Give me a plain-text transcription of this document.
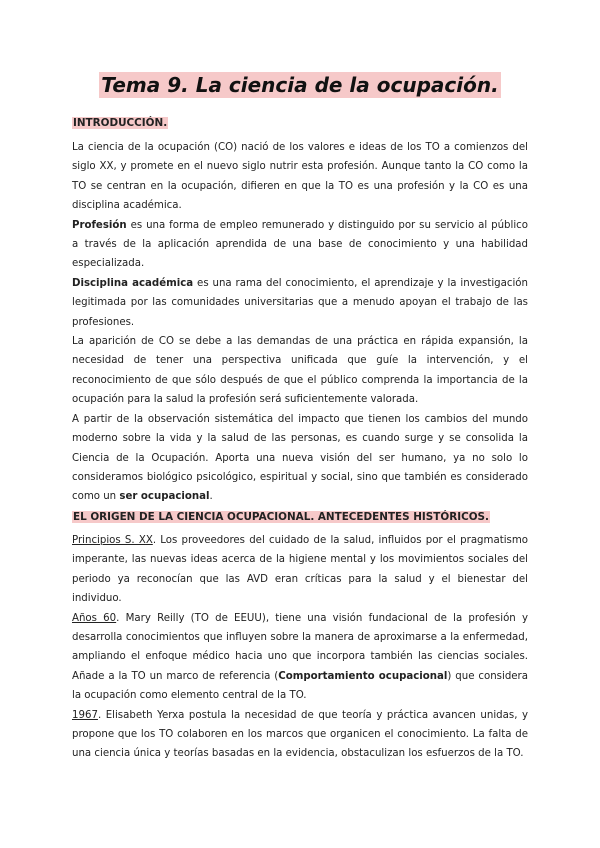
Tema 9. La ciencia de la ocupación.
INTRODUCCIÓN.

La ciencia de la ocupación (CO) nació de los valores e ideas de los TO a comienzos del siglo XX, y promete en el nuevo siglo nutrir esta profesión. Aunque tanto la CO como la TO se centran en la ocupación, difieren en que la TO es una profesión y la CO es una disciplina académica.

Profesión es una forma de empleo remunerado y distinguido por su servicio al público a través de la aplicación aprendida de una base de conocimiento y una habilidad especializada.

Disciplina académica es una rama del conocimiento, el aprendizaje y la investigación legitimada por las comunidades universitarias que a menudo apoyan el trabajo de las profesiones.

La aparición de CO se debe a las demandas de una práctica en rápida expansión, la necesidad de tener una perspectiva unificada que guíe la intervención, y el reconocimiento de que sólo después de que el público comprenda la importancia de la ocupación para la salud la profesión será suficientemente valorada.

A partir de la observación sistemática del impacto que tienen los cambios del mundo moderno sobre la vida y la salud de las personas, es cuando surge y se consolida la Ciencia de la Ocupación. Aporta una nueva visión del ser humano, ya no solo lo consideramos biológico psicológico, espiritual y social, sino que también es considerado como un ser ocupacional.

EL ORIGEN DE LA CIENCIA OCUPACIONAL. ANTECEDENTES HISTÓRICOS.

Principios S. XX. Los proveedores del cuidado de la salud, influidos por el pragmatismo imperante, las nuevas ideas acerca de la higiene mental y los movimientos sociales del periodo ya reconocían que las AVD eran críticas para la salud y el bienestar del individuo.

Años 60. Mary Reilly (TO de EEUU), tiene una visión fundacional de la profesión y desarrolla conocimientos que influyen sobre la manera de aproximarse a la enfermedad, ampliando el enfoque médico hacia uno que incorpora también las ciencias sociales. Añade a la TO un marco de referencia (Comportamiento ocupacional) que considera la ocupación como elemento central de la TO.

1967. Elisabeth Yerxa postula la necesidad de que teoría y práctica avancen unidas, y propone que los TO colaboren en los marcos que organicen el conocimiento. La falta de una ciencia única y teorías basadas en la evidencia, obstaculizan los esfuerzos de la TO.
